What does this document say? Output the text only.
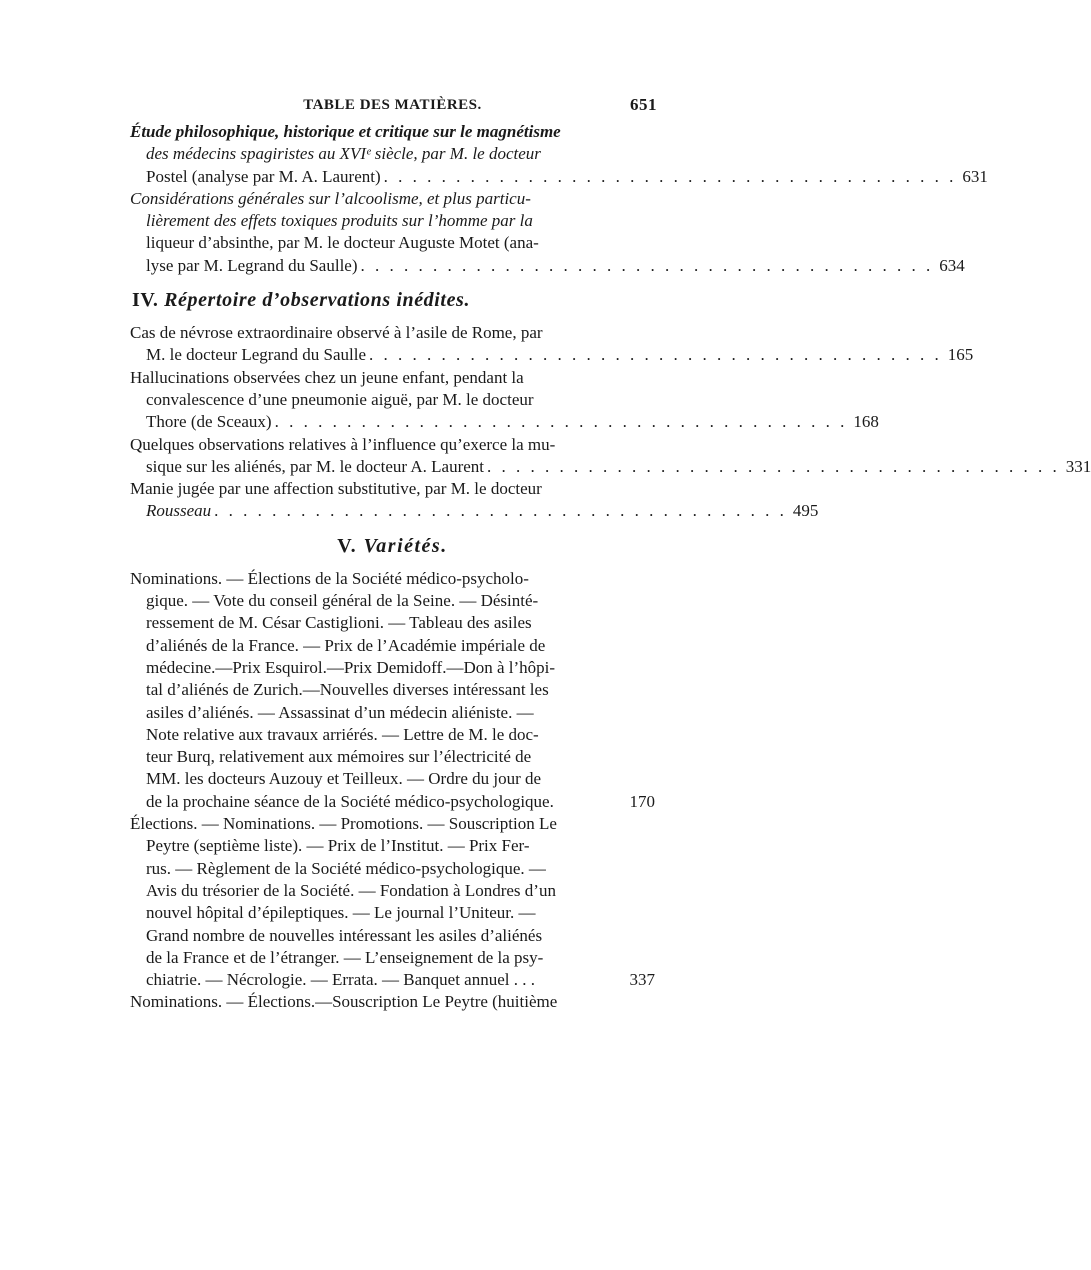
TABLE DES MATIÈRES.	651
Étude philosophique, historique et critique sur le magnétisme
des médecins spagiristes au XVIᵉ siècle, par M. le docteur
Postel (analyse par M. A. Laurent) . . . . . . . . . . . . . . . . . . . . . . . . . . . . . . . . . . . . . . . . 631
Considérations générales sur l’alcoolisme, et plus particu-
lièrement des effets toxiques produits sur l’homme par la
liqueur d’absinthe, par M. le docteur Auguste Motet (ana-
lyse par M. Legrand du Saulle) . . . . . . . . . . . . . . . . . . . . . . . . . . . . . . . . . . . . . . . . 634
IV. Répertoire d’observations inédites.
Cas de névrose extraordinaire observé à l’asile de Rome, par
M. le docteur Legrand du Saulle . . . . . . . . . . . . . . . . . . . . . . . . . . . . . . . . . . . . . . . . 165
Hallucinations observées chez un jeune enfant, pendant la
convalescence d’une pneumonie aiguë, par M. le docteur
Thore (de Sceaux) . . . . . . . . . . . . . . . . . . . . . . . . . . . . . . . . . . . . . . . . 168
Quelques observations relatives à l’influence qu’exerce la mu-
sique sur les aliénés, par M. le docteur A. Laurent . . . . . . . . . . . . . . . . . . . . . . . . . . . . . . . . . . . . . . . . 331
Manie jugée par une affection substitutive, par M. le docteur
Rousseau . . . . . . . . . . . . . . . . . . . . . . . . . . . . . . . . . . . . . . . . 495
V. Variétés.
Nominations. — Élections de la Société médico-psycholo-
gique. — Vote du conseil général de la Seine. — Désinté-
ressement de M. César Castiglioni. — Tableau des asiles
d’aliénés de la France. — Prix de l’Académie impériale de
médecine.—Prix Esquirol.—Prix Demidoff.—Don à l’hôpi-
tal d’aliénés de Zurich.—Nouvelles diverses intéressant les
asiles d’aliénés. — Assassinat d’un médecin aliéniste. —
Note relative aux travaux arriérés. — Lettre de M. le doc-
teur Burq, relativement aux mémoires sur l’électricité de
MM. les docteurs Auzouy et Teilleux. — Ordre du jour de
de la prochaine séance de la Société médico-psychologique.	170
Élections. — Nominations. — Promotions. — Souscription Le
Peytre (septième liste). — Prix de l’Institut. — Prix Fer-
rus. — Règlement de la Société médico-psychologique. —
Avis du trésorier de la Société. — Fondation à Londres d’un
nouvel hôpital d’épileptiques. — Le journal l’Uniteur. —
Grand nombre de nouvelles intéressant les asiles d’aliénés
de la France et de l’étranger. — L’enseignement de la psy-
chiatrie. — Nécrologie. — Errata. — Banquet annuel . . .	337
Nominations. — Élections.—Souscription Le Peytre (huitième
